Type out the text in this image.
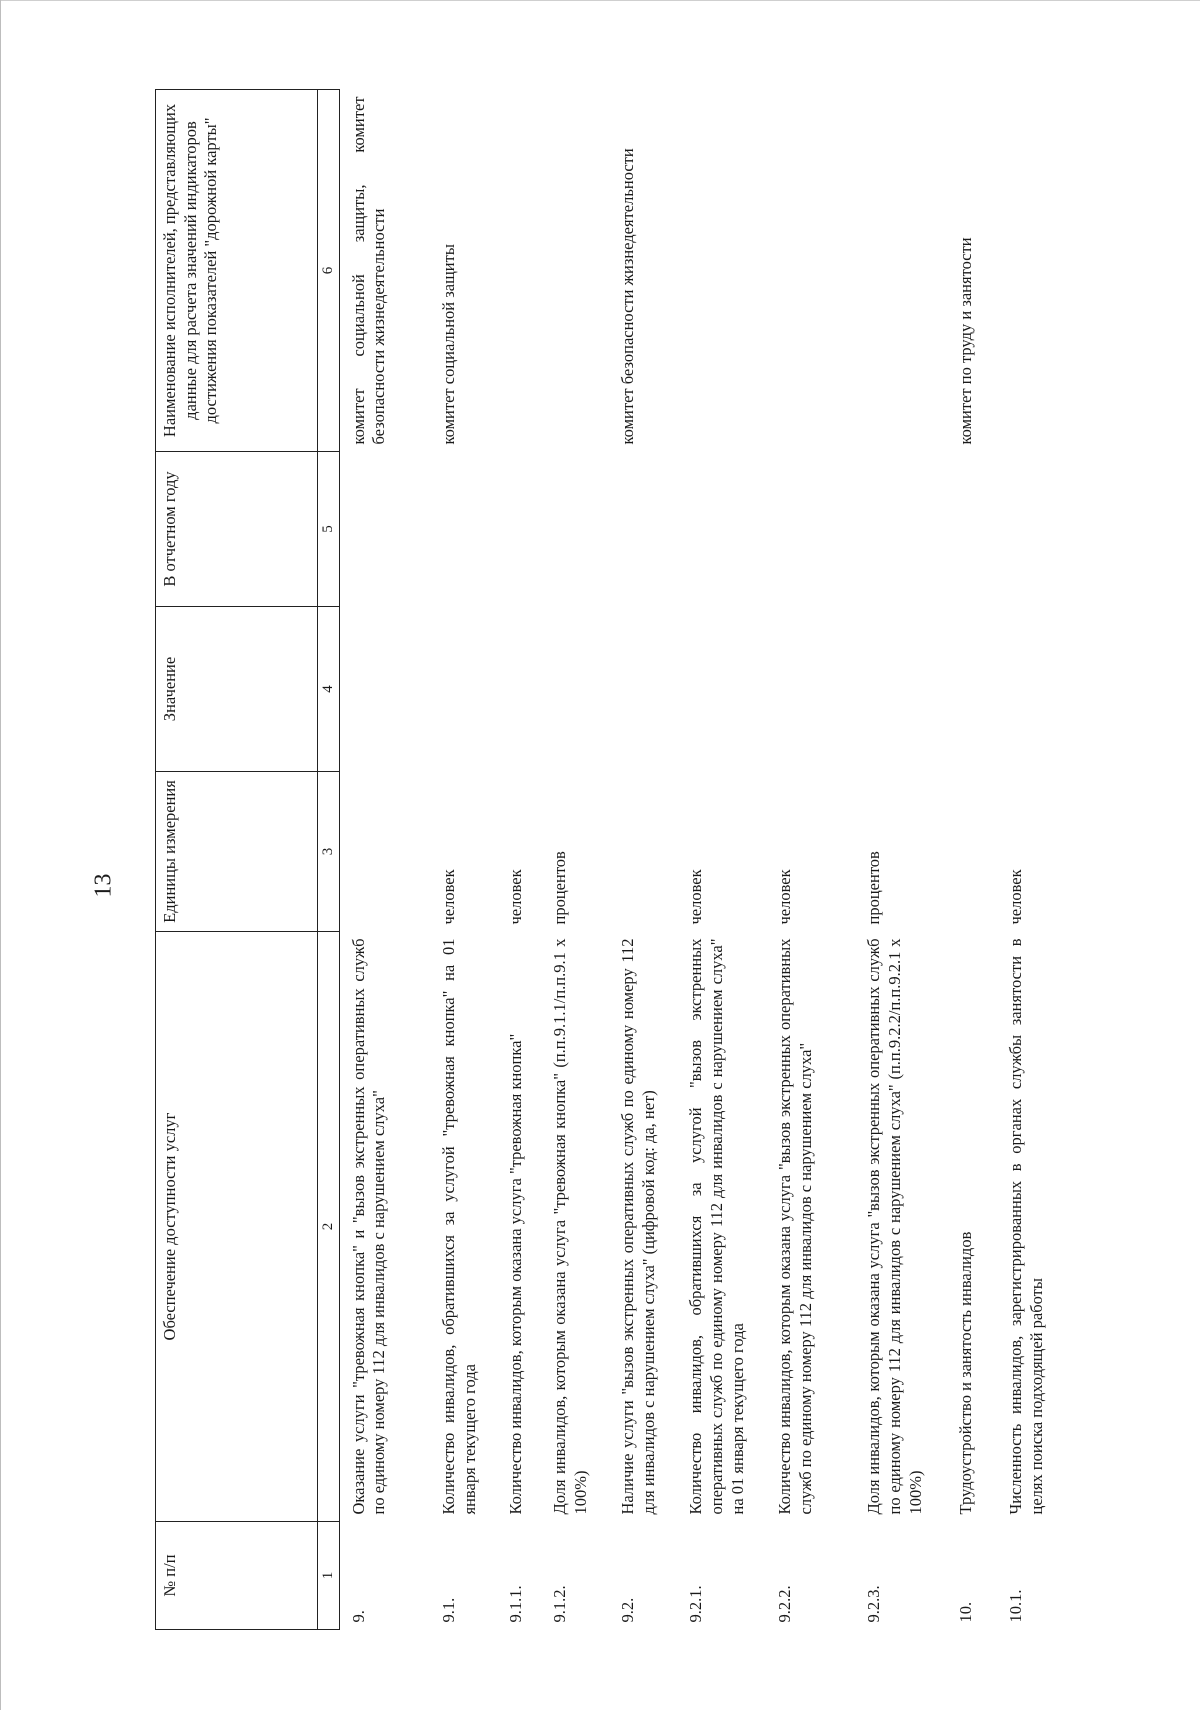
13
№ п/п	Обеспечение доступности услуг	Единицы измерения	Значение	В отчетном году	Наименование исполнителей, представляющих данные для расчета значений индикаторов достижения показателей "дорожной карты"
1	2	3	4	5	6
9.	Оказание услуги "тревожная кнопка" и "вызов экстренных оперативных служб по единому номеру 112 для инвалидов с нарушением слуха"				комитет социальной защиты, комитет безопасности жизнедеятельности
9.1.	Количество инвалидов, обратившихся за услугой "тревожная кнопка" на 01 января текущего года	человек			комитет социальной защиты
9.1.1.	Количество инвалидов, которым оказана услуга "тревожная кнопка"	человек			
9.1.2.	Доля инвалидов, которым оказана услуга "тревожная кнопка" (п.п.9.1.1/п.п.9.1 х 100%)	процентов			
9.2.	Наличие услуги "вызов экстренных оперативных служб по единому номеру 112 для инвалидов с нарушением слуха" (цифровой код: да, нет)				комитет безопасности жизнедеятельности
9.2.1.	Количество инвалидов, обратившихся за услугой "вызов экстренных оперативных служб по единому номеру 112 для инвалидов с нарушением слуха" на 01 января текущего года	человек			
9.2.2.	Количество инвалидов, которым оказана услуга "вызов экстренных оперативных служб по единому номеру 112 для инвалидов с нарушением слуха"	человек			
9.2.3.	Доля инвалидов, которым оказана услуга "вызов экстренных оперативных служб по единому номеру 112 для инвалидов с нарушением слуха" (п.п.9.2.2/п.п.9.2.1 х 100%)	процентов			
10.	Трудоустройство и занятость инвалидов				комитет по труду и занятости
10.1.	Численность инвалидов, зарегистрированных в органах службы занятости в целях поиска подходящей работы	человек			
